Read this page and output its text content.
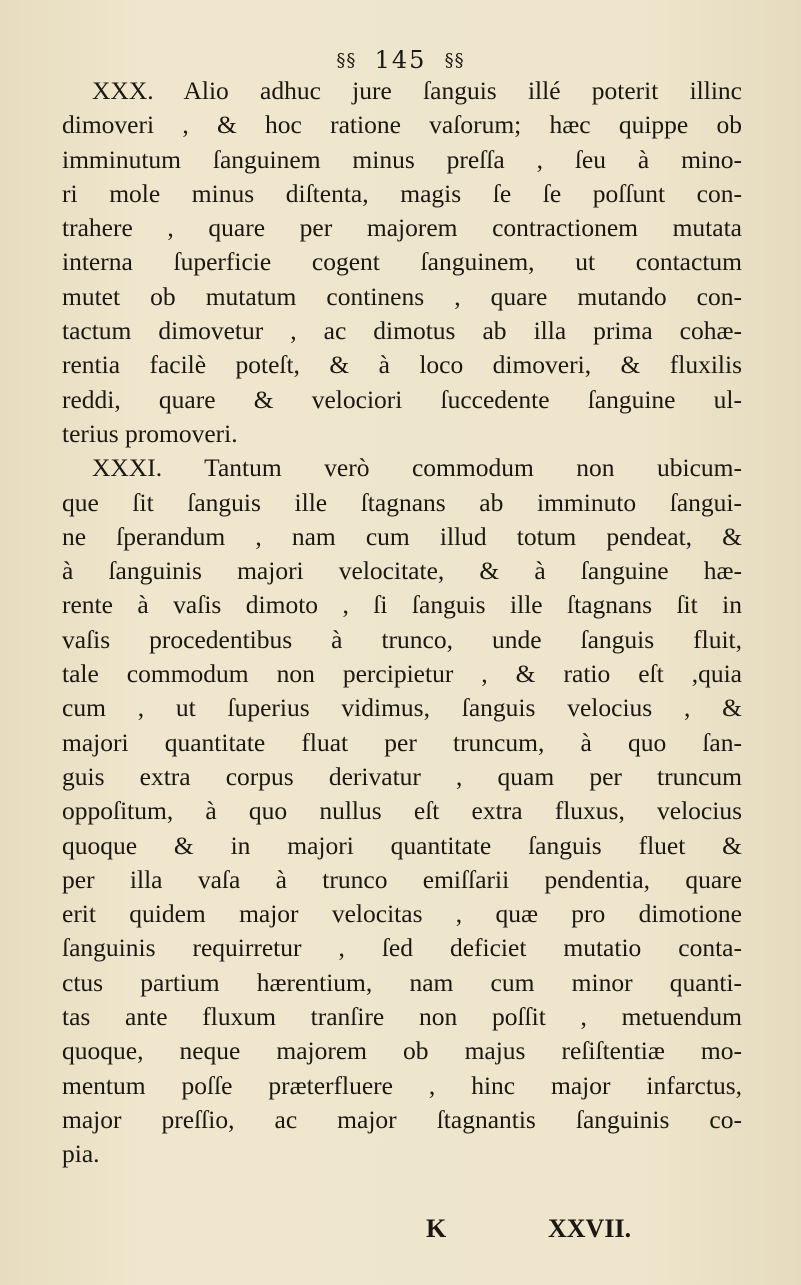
§§ 145 §§
XXX. Alio adhuc jure ſanguis illé poterit illinc
dimoveri , & hoc ratione vaſorum; hæc quippe ob
imminutum ſanguinem minus preſſa , ſeu à mino-
ri mole minus diſtenta, magis ſe ſe poſſunt con-
trahere , quare per majorem contractionem mutata
interna ſuperficie cogent ſanguinem, ut contactum
mutet ob mutatum continens , quare mutando con-
tactum dimovetur , ac dimotus ab illa prima cohæ-
rentia facilè poteſt, & à loco dimoveri, & fluxilis
reddi, quare & velociori ſuccedente ſanguine ul-
terius promoveri.
XXXI. Tantum verò commodum non ubicum-
que ſit ſanguis ille ſtagnans ab imminuto ſangui-
ne ſperandum , nam cum illud totum pendeat, &
à ſanguinis majori velocitate, & à ſanguine hæ-
rente à vaſis dimoto , ſi ſanguis ille ſtagnans ſit in
vaſis procedentibus à trunco, unde ſanguis fluit,
tale commodum non percipietur , & ratio eſt ,quia
cum , ut ſuperius vidimus, ſanguis velocius , &
majori quantitate fluat per truncum, à quo ſan-
guis extra corpus derivatur , quam per truncum
oppoſitum, à quo nullus eſt extra fluxus, velocius
quoque & in majori quantitate ſanguis fluet &
per illa vaſa à trunco emiſſarii pendentia, quare
erit quidem major velocitas , quæ pro dimotione
ſanguinis requirretur , ſed deficiet mutatio conta-
ctus partium hærentium, nam cum minor quanti-
tas ante fluxum tranſire non poſſit , metuendum
quoque, neque majorem ob majus reſiſtentiæ mo-
mentum poſſe præterfluere , hinc major infarctus,
major preſſio, ac major ſtagnantis ſanguinis co-
pia.
K	XXVII.
